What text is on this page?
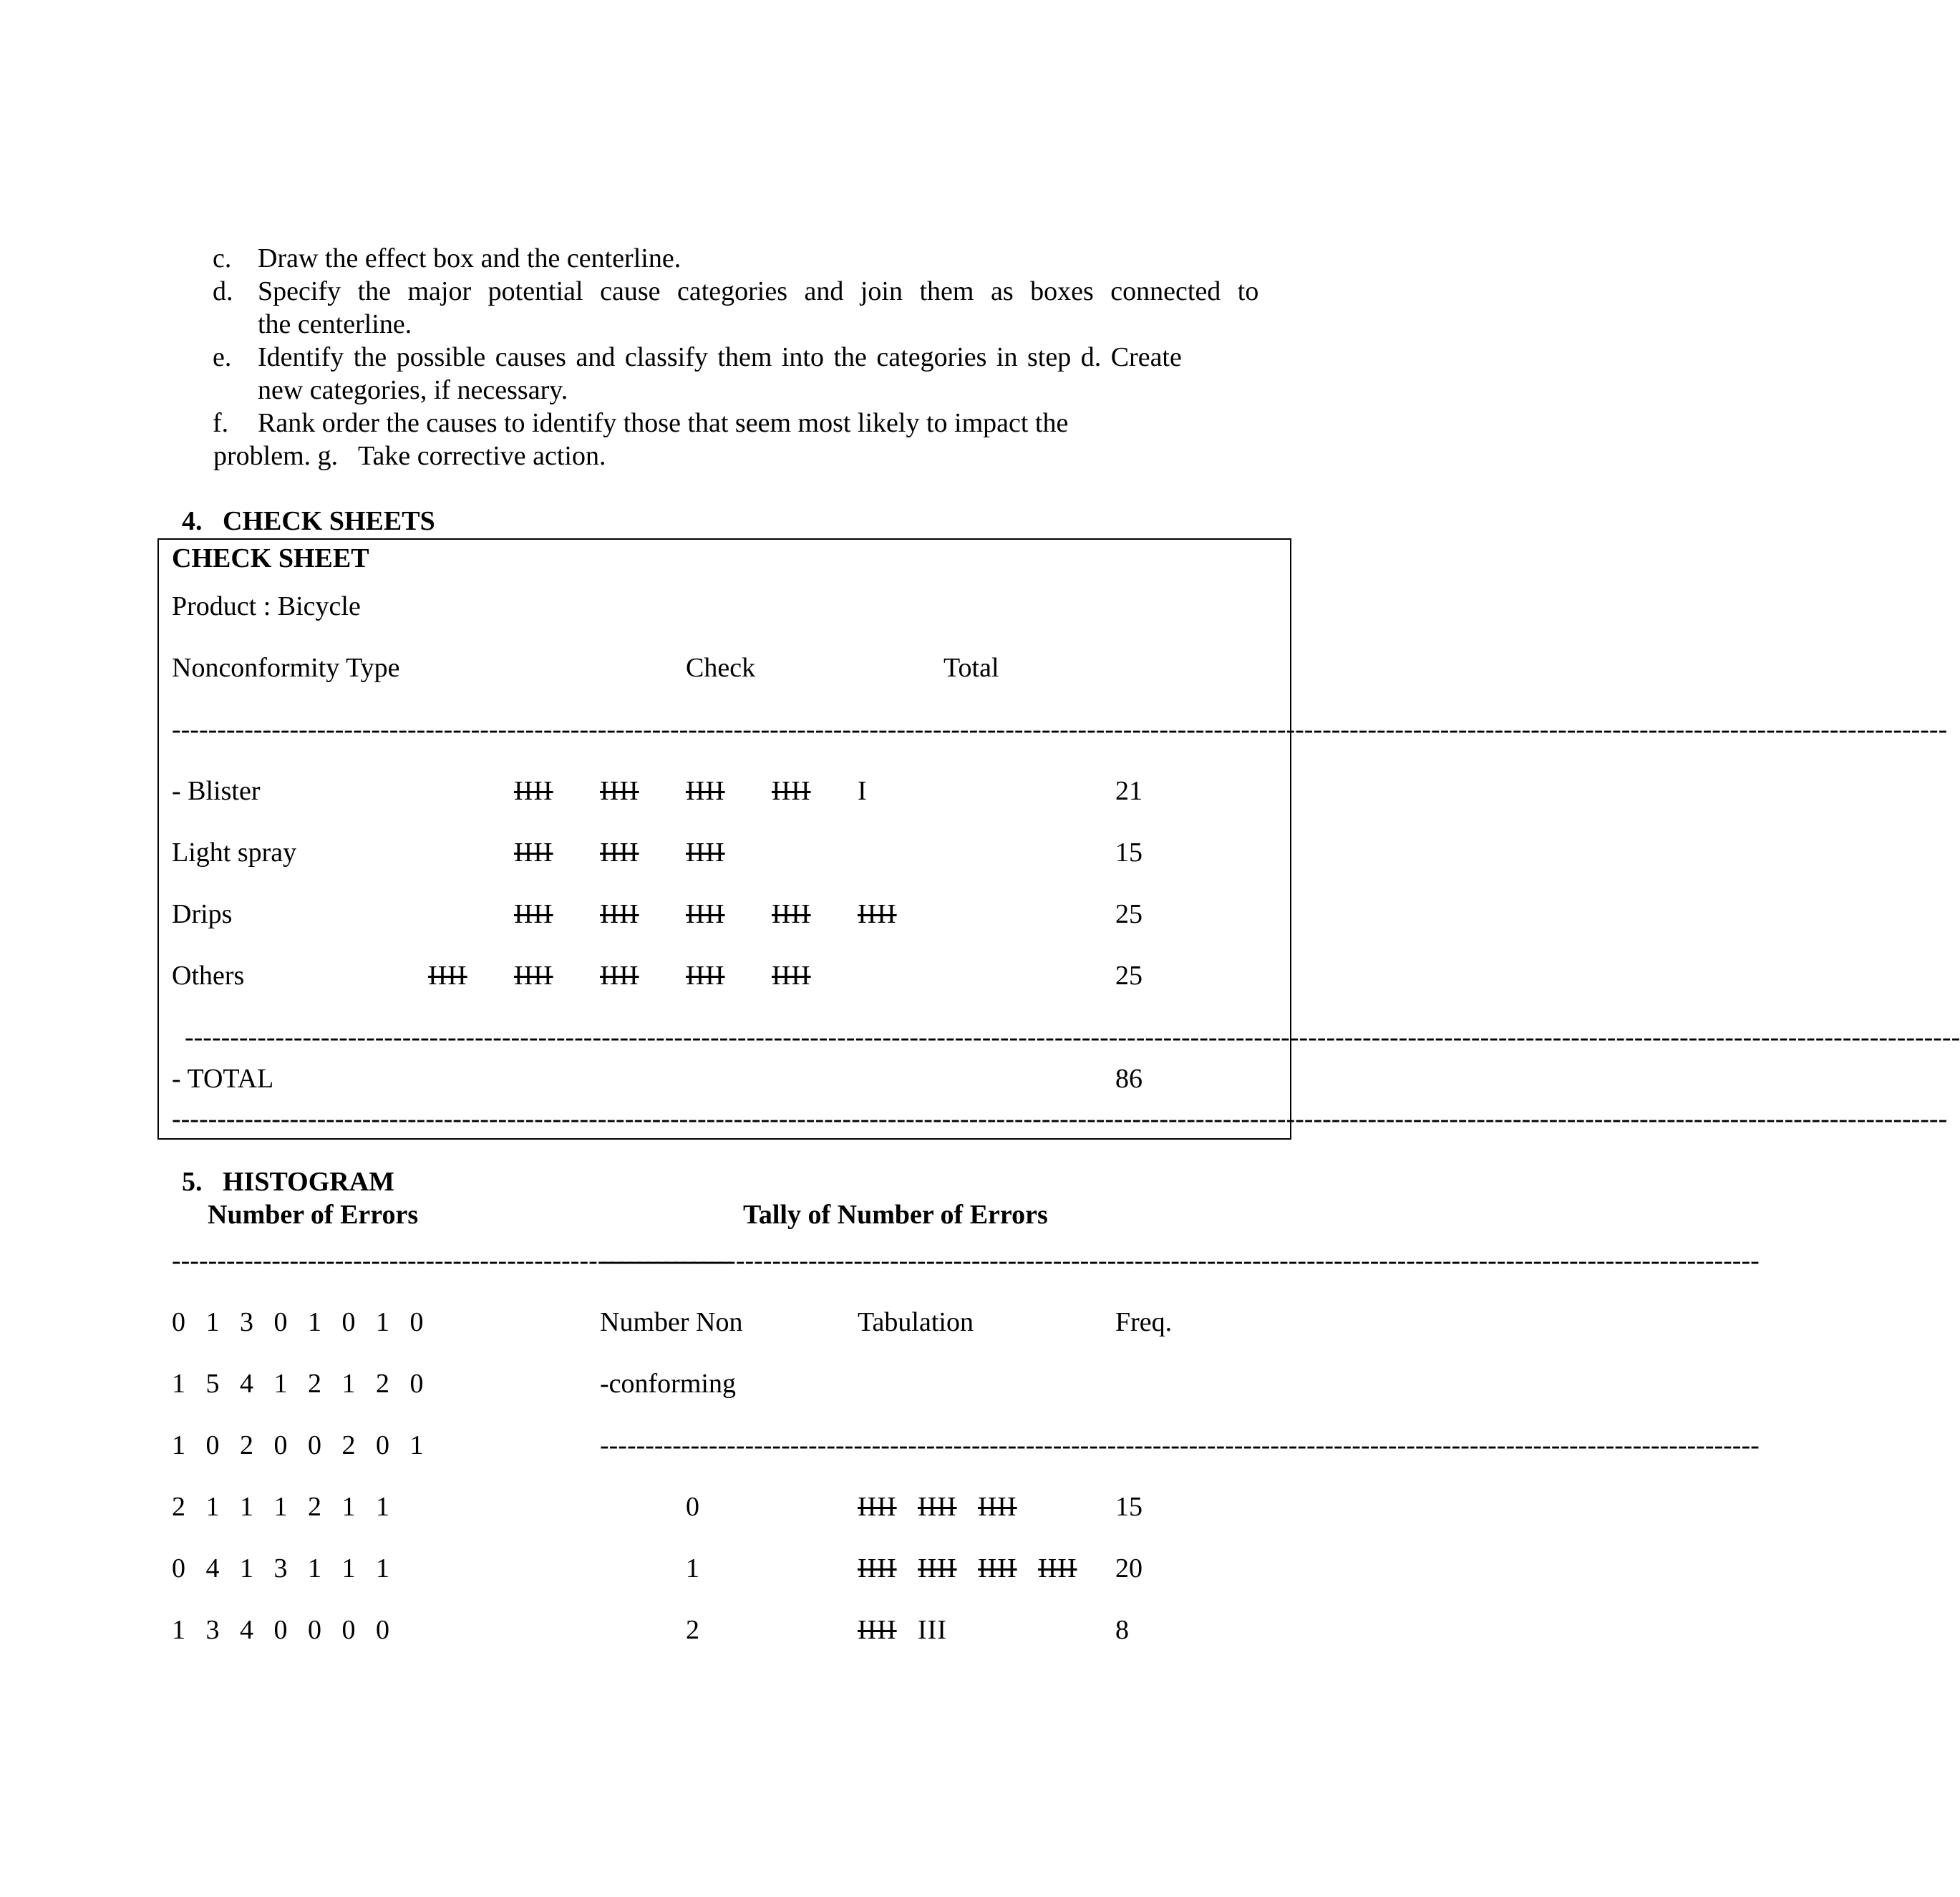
c. Draw the effect box and the centerline.
d. Specify the major potential cause categories and join them as boxes connected to
the centerline.
e. Identify the possible causes and classify them into the categories in step d. Create
new categories, if necessary.
f. Rank order the causes to identify those that seem most likely to impact the
problem. g.   Take corrective action.
4.   CHECK SHEETS
CHECK SHEET
Product : Bicycle
Nonconformity Type	Check	Total
----------------------------------------------------------------------------------------------------------------------------------------------------------------------------------------------------
- Blister	IIII IIII IIII IIII I	21
Light spray	IIII IIII IIII	15
Drips	IIII IIII IIII IIII IIII	25
Others	IIII IIII IIII IIII IIII	25
----------------------------------------------------------------------------------------------------------------------------------------------------------------------------------------------------
- TOTAL	86
----------------------------------------------------------------------------------------------------------------------------------------------------------------------------------------------------
5.   HISTOGRAM
Number of Errors	Tally of Number of Errors
--------------------------------------------------------------
--------------------------------------------------------------------------------------------------------------------------------
0   1   3   0   1   0   1   0
1   5   4   1   2   1   2   0
1   0   2   0   0   2   0   1
2   1   1   1   2   1   1
0   4   1   3   1   1   1
1   3   4   0   0   0   0
Number Non	Tabulation	Freq.
-conforming
--------------------------------------------------------------------------------------------------------------------------------
0	IIII IIII IIII	15
1	IIII IIII IIII IIII 20
2	IIII III	8
